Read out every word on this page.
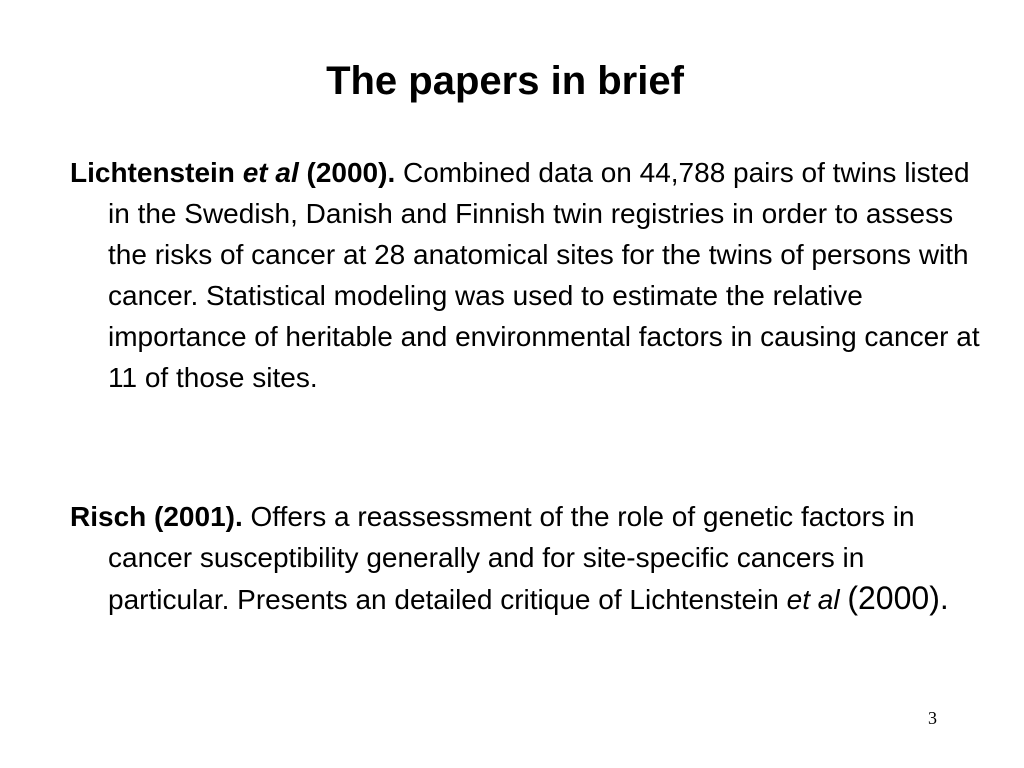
The papers in brief

Lichtenstein et al (2000). Combined data on 44,788 pairs of twins listed in the Swedish, Danish and Finnish twin registries in order to assess the risks of cancer at 28 anatomical sites for the twins of persons with cancer. Statistical modeling was used to estimate the relative importance of heritable and environmental factors in causing cancer at 11 of those sites.

Risch (2001). Offers a reassessment of the role of genetic factors in cancer susceptibility generally and for site-specific cancers in particular. Presents an detailed critique of Lichtenstein et al (2000).

3
